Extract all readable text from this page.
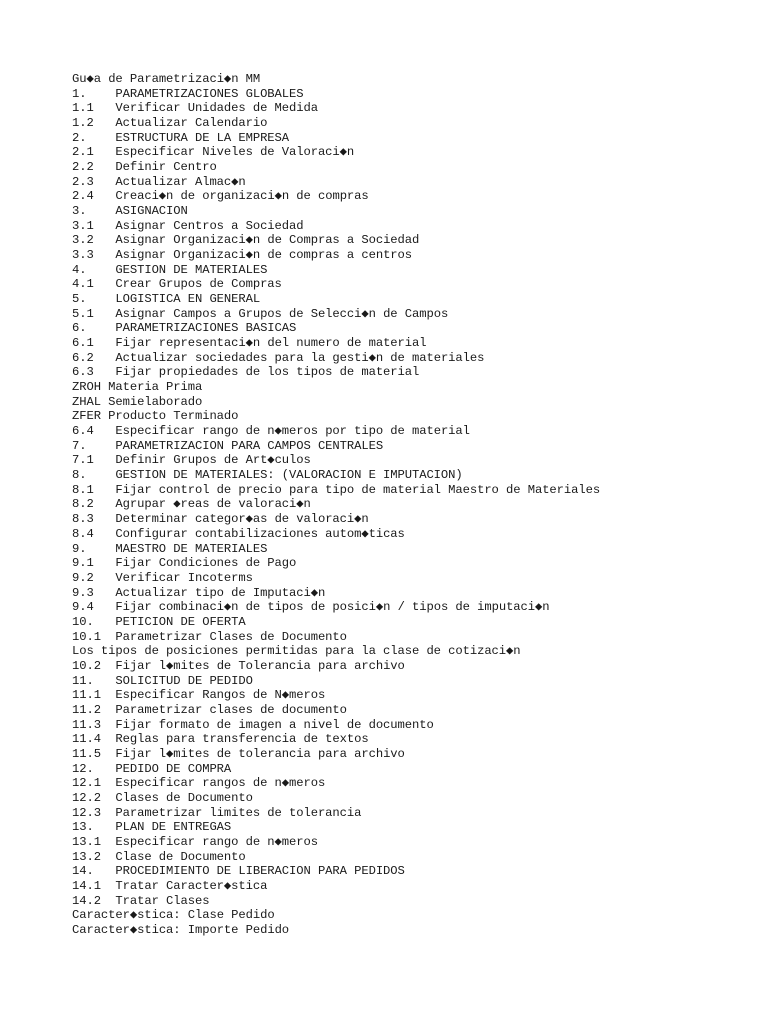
Gu◆a de Parametrizaci◆n MM
1.    PARAMETRIZACIONES GLOBALES
1.1   Verificar Unidades de Medida
1.2   Actualizar Calendario
2.    ESTRUCTURA DE LA EMPRESA
2.1   Especificar Niveles de Valoraci◆n
2.2   Definir Centro
2.3   Actualizar Almac◆n
2.4   Creaci◆n de organizaci◆n de compras
3.    ASIGNACION
3.1   Asignar Centros a Sociedad
3.2   Asignar Organizaci◆n de Compras a Sociedad
3.3   Asignar Organizaci◆n de compras a centros
4.    GESTION DE MATERIALES
4.1   Crear Grupos de Compras
5.    LOGISTICA EN GENERAL
5.1   Asignar Campos a Grupos de Selecci◆n de Campos
6.    PARAMETRIZACIONES BASICAS
6.1   Fijar representaci◆n del numero de material
6.2   Actualizar sociedades para la gesti◆n de materiales
6.3   Fijar propiedades de los tipos de material
ZROH Materia Prima
ZHAL Semielaborado
ZFER Producto Terminado
6.4   Especificar rango de n◆meros por tipo de material
7.    PARAMETRIZACION PARA CAMPOS CENTRALES
7.1   Definir Grupos de Art◆culos
8.    GESTION DE MATERIALES: (VALORACION E IMPUTACION)
8.1   Fijar control de precio para tipo de material Maestro de Materiales
8.2   Agrupar ◆reas de valoraci◆n
8.3   Determinar categor◆as de valoraci◆n
8.4   Configurar contabilizaciones autom◆ticas
9.    MAESTRO DE MATERIALES
9.1   Fijar Condiciones de Pago
9.2   Verificar Incoterms
9.3   Actualizar tipo de Imputaci◆n
9.4   Fijar combinaci◆n de tipos de posici◆n / tipos de imputaci◆n
10.   PETICION DE OFERTA
10.1  Parametrizar Clases de Documento
Los tipos de posiciones permitidas para la clase de cotizaci◆n
10.2  Fijar l◆mites de Tolerancia para archivo
11.   SOLICITUD DE PEDIDO
11.1  Especificar Rangos de N◆meros
11.2  Parametrizar clases de documento
11.3  Fijar formato de imagen a nivel de documento
11.4  Reglas para transferencia de textos
11.5  Fijar l◆mites de tolerancia para archivo
12.   PEDIDO DE COMPRA
12.1  Especificar rangos de n◆meros
12.2  Clases de Documento
12.3  Parametrizar limites de tolerancia
13.   PLAN DE ENTREGAS
13.1  Especificar rango de n◆meros
13.2  Clase de Documento
14.   PROCEDIMIENTO DE LIBERACION PARA PEDIDOS
14.1  Tratar Caracter◆stica
14.2  Tratar Clases
Caracter◆stica: Clase Pedido
Caracter◆stica: Importe Pedido
